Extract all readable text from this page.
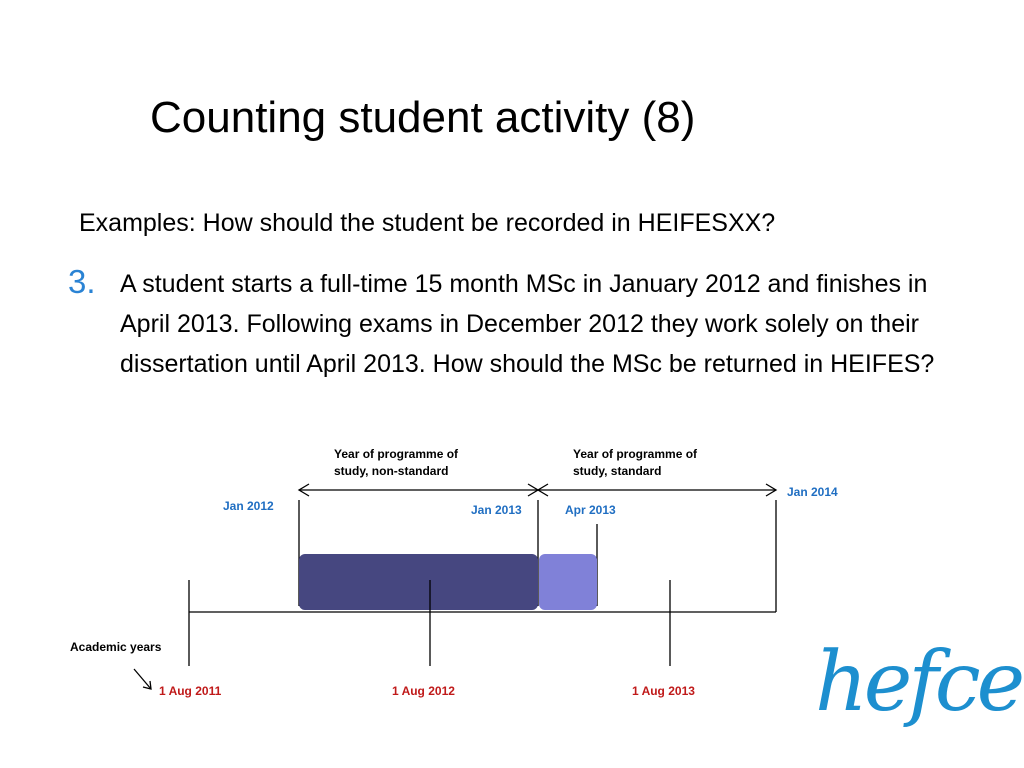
Counting student activity (8)
Examples: How should the student be recorded in HEIFESXX?
3. A student starts a full-time 15 month MSc in January 2012 and finishes in April 2013. Following exams in December 2012 they work solely on their dissertation until April 2013. How should the MSc be returned in HEIFES?
Year of programme of
study, non-standard
Year of programme of
study, standard
Jan 2012	Jan 2013	Apr 2013
Jan 2014
Academic years
1 Aug 2011	1 Aug 2012	1 Aug 2013 hefce
